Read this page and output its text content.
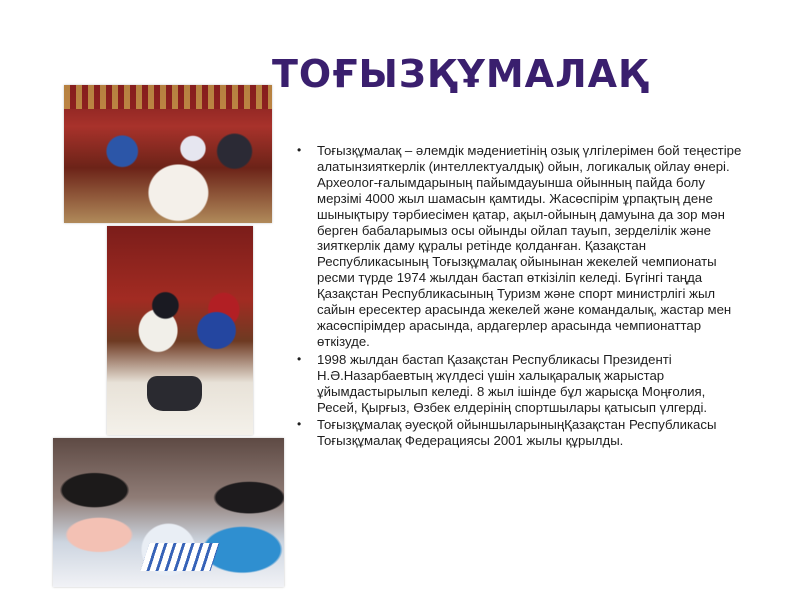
ТОҒЫЗҚҰМАЛАҚ
• Тоғызқұмалақ – әлемдік мәдениетінің озық үлгілерімен бой теңестіре алатынзияткерлік (интеллектуалдық) ойын, логикалық ойлау өнері. Археолог-ғалымдарының пайымдауынша ойынның пайда болу мерзімі 4000 жыл шамасын қамтиды. Жасөспірім ұрпақтың дене шынықтыру тәрбиесімен қатар, ақыл-ойының дамуына да зор мән берген бабаларымыз осы ойынды ойлап тауып, зерделілік және зияткерлік даму құралы ретінде қолданған. Қазақстан Республикасының Тоғызқұмалақ ойынынан жекелей чемпионаты ресми түрде 1974 жылдан бастап өткізіліп келеді. Бүгінгі таңда Қазақстан Республикасының Туризм және спорт министрлігі жыл сайын ересектер арасында жекелей және командалық, жастар мен жасөспірімдер арасында, ардагерлер арасында чемпионаттар өткізуде.
• 1998 жылдан бастап Қазақстан Республикасы Президенті Н.Ә.Назарбаевтың жүлдесі үшін халықаралық жарыстар ұйымдастырылып келеді. 8 жыл ішінде бұл жарысқа Моңғолия, Ресей, Қырғыз, Өзбек елдерінің спортшылары қатысып үлгерді.
• Тоғызқұмалақ әуесқой ойыншыларыныңҚазақстан Республикасы Тоғызқұмалақ Федерациясы 2001 жылы құрылды.
